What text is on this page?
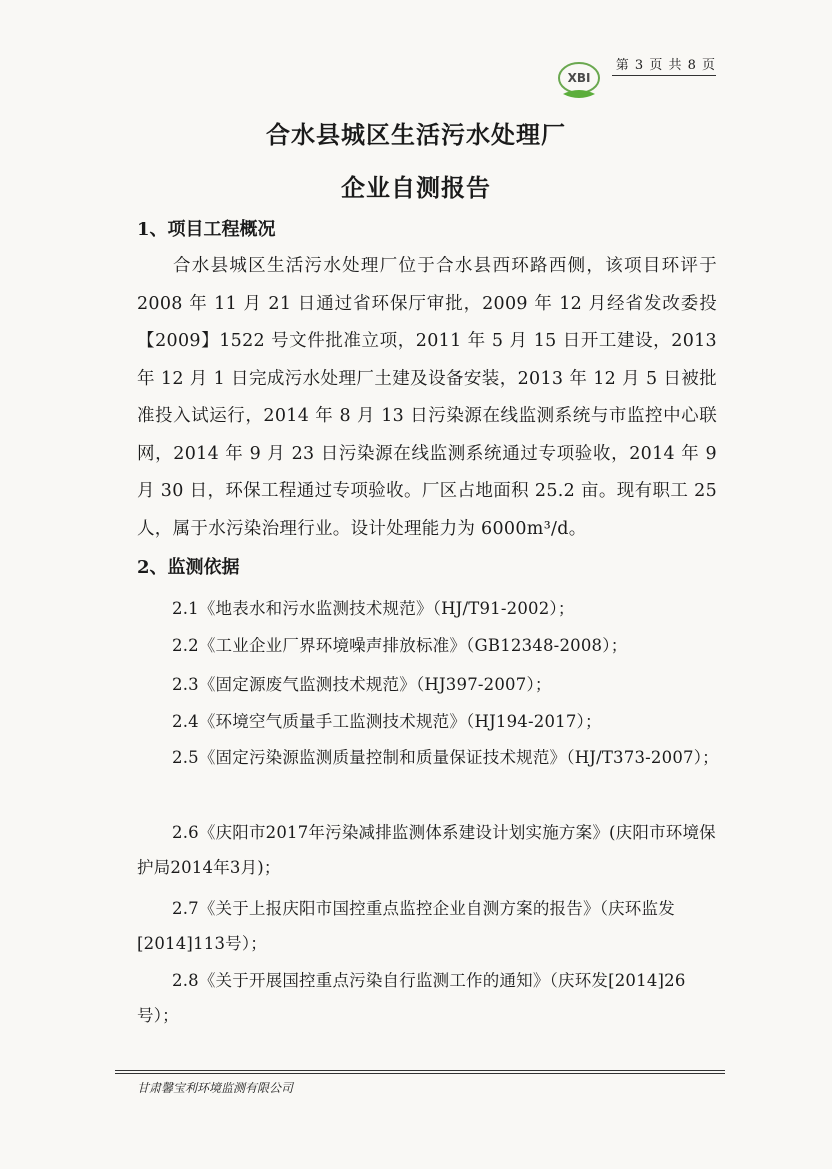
XBI
第 3 页 共 8 页
合水县城区生活污水处理厂
企业自测报告
1、项目工程概况
合水县城区生活污水处理厂位于合水县西环路西侧，该项目环评于 2008 年 11 月 21 日通过省环保厅审批，2009 年 12 月经省发改委投【2009】1522 号文件批准立项，2011 年 5 月 15 日开工建设，2013 年 12 月 1 日完成污水处理厂土建及设备安装，2013 年 12 月 5 日被批准投入试运行，2014 年 8 月 13 日污染源在线监测系统与市监控中心联网，2014 年 9 月 23 日污染源在线监测系统通过专项验收，2014 年 9 月 30 日，环保工程通过专项验收。厂区占地面积 25.2 亩。现有职工 25 人，属于水污染治理行业。设计处理能力为 6000m³/d。
2、监测依据
2.1《地表水和污水监测技术规范》（HJ/T91-2002）；
2.2《工业企业厂界环境噪声排放标准》（GB12348-2008）；
2.3《固定源废气监测技术规范》（HJ397-2007）；
2.4《环境空气质量手工监测技术规范》（HJ194-2017）；
2.5《固定污染源监测质量控制和质量保证技术规范》（HJ/T373-2007）；
2.6《庆阳市2017年污染减排监测体系建设计划实施方案》(庆阳市环境保护局2014年3月)；
2.7《关于上报庆阳市国控重点监控企业自测方案的报告》（庆环监发[2014]113号）；
2.8《关于开展国控重点污染自行监测工作的通知》（庆环发[2014]26 号）；
甘肃馨宝利环境监测有限公司
